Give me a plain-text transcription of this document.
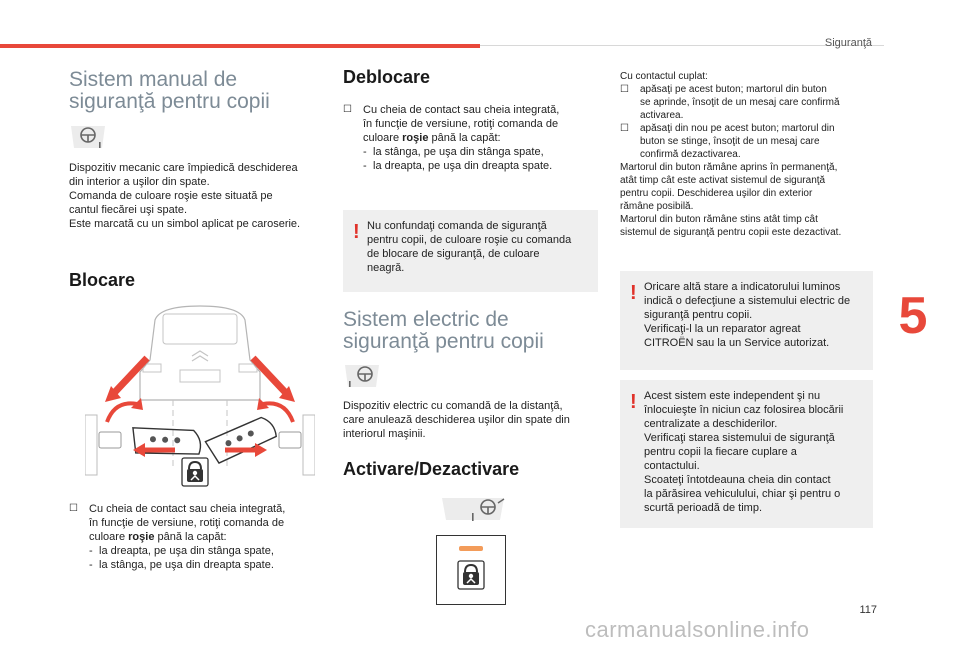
Siguranţă
5
117
carmanualsonline.info
Sistem manual de
siguranţă pentru copii
Dispozitiv mecanic care împiedică deschiderea
din interior a uşilor din spate.
Comanda de culoare roşie este situată pe
cantul fiecărei uşi spate.
Este marcată cu un simbol aplicat pe caroserie.
Blocare
☐ Cu cheia de contact sau cheia integrată,
în funcţie de versiune, rotiţi comanda de
culoare roşie până la capăt:
- la dreapta, pe uşa din stânga spate,
- la stânga, pe uşa din dreapta spate.
Deblocare
☐ Cu cheia de contact sau cheia integrată,
în funcţie de versiune, rotiţi comanda de
culoare roşie până la capăt:
- la stânga, pe uşa din stânga spate,
- la dreapta, pe uşa din dreapta spate.
! Nu confundaţi comanda de siguranţă
pentru copii, de culoare roşie cu comanda
de blocare de siguranţă, de culoare
neagră.
Sistem electric de
siguranţă pentru copii
Dispozitiv electric cu comandă de la distanţă,
care anulează deschiderea uşilor din spate din
interiorul maşinii.
Activare/Dezactivare
Cu contactul cuplat:
☐ apăsaţi pe acest buton; martorul din buton
se aprinde, însoţit de un mesaj care confirmă
activarea.
☐ apăsaţi din nou pe acest buton; martorul din
buton se stinge, însoţit de un mesaj care
confirmă dezactivarea.
Martorul din buton rămâne aprins în permanenţă,
atât timp cât este activat sistemul de siguranţă
pentru copii. Deschiderea uşilor din exterior
rămâne posibilă.
Martorul din buton rămâne stins atât timp cât
sistemul de siguranţă pentru copii este dezactivat.
! Oricare altă stare a indicatorului luminos
indică o defecţiune a sistemului electric de
siguranţă pentru copii.
Verificaţi-l la un reparator agreat
CITROËN sau la un Service autorizat.
! Acest sistem este independent şi nu
înlocuieşte în niciun caz folosirea blocării
centralizate a deschiderilor.
Verificaţi starea sistemului de siguranţă
pentru copii la fiecare cuplare a
contactului.
Scoateţi întotdeauna cheia din contact
la părăsirea vehiculului, chiar şi pentru o
scurtă perioadă de timp.
